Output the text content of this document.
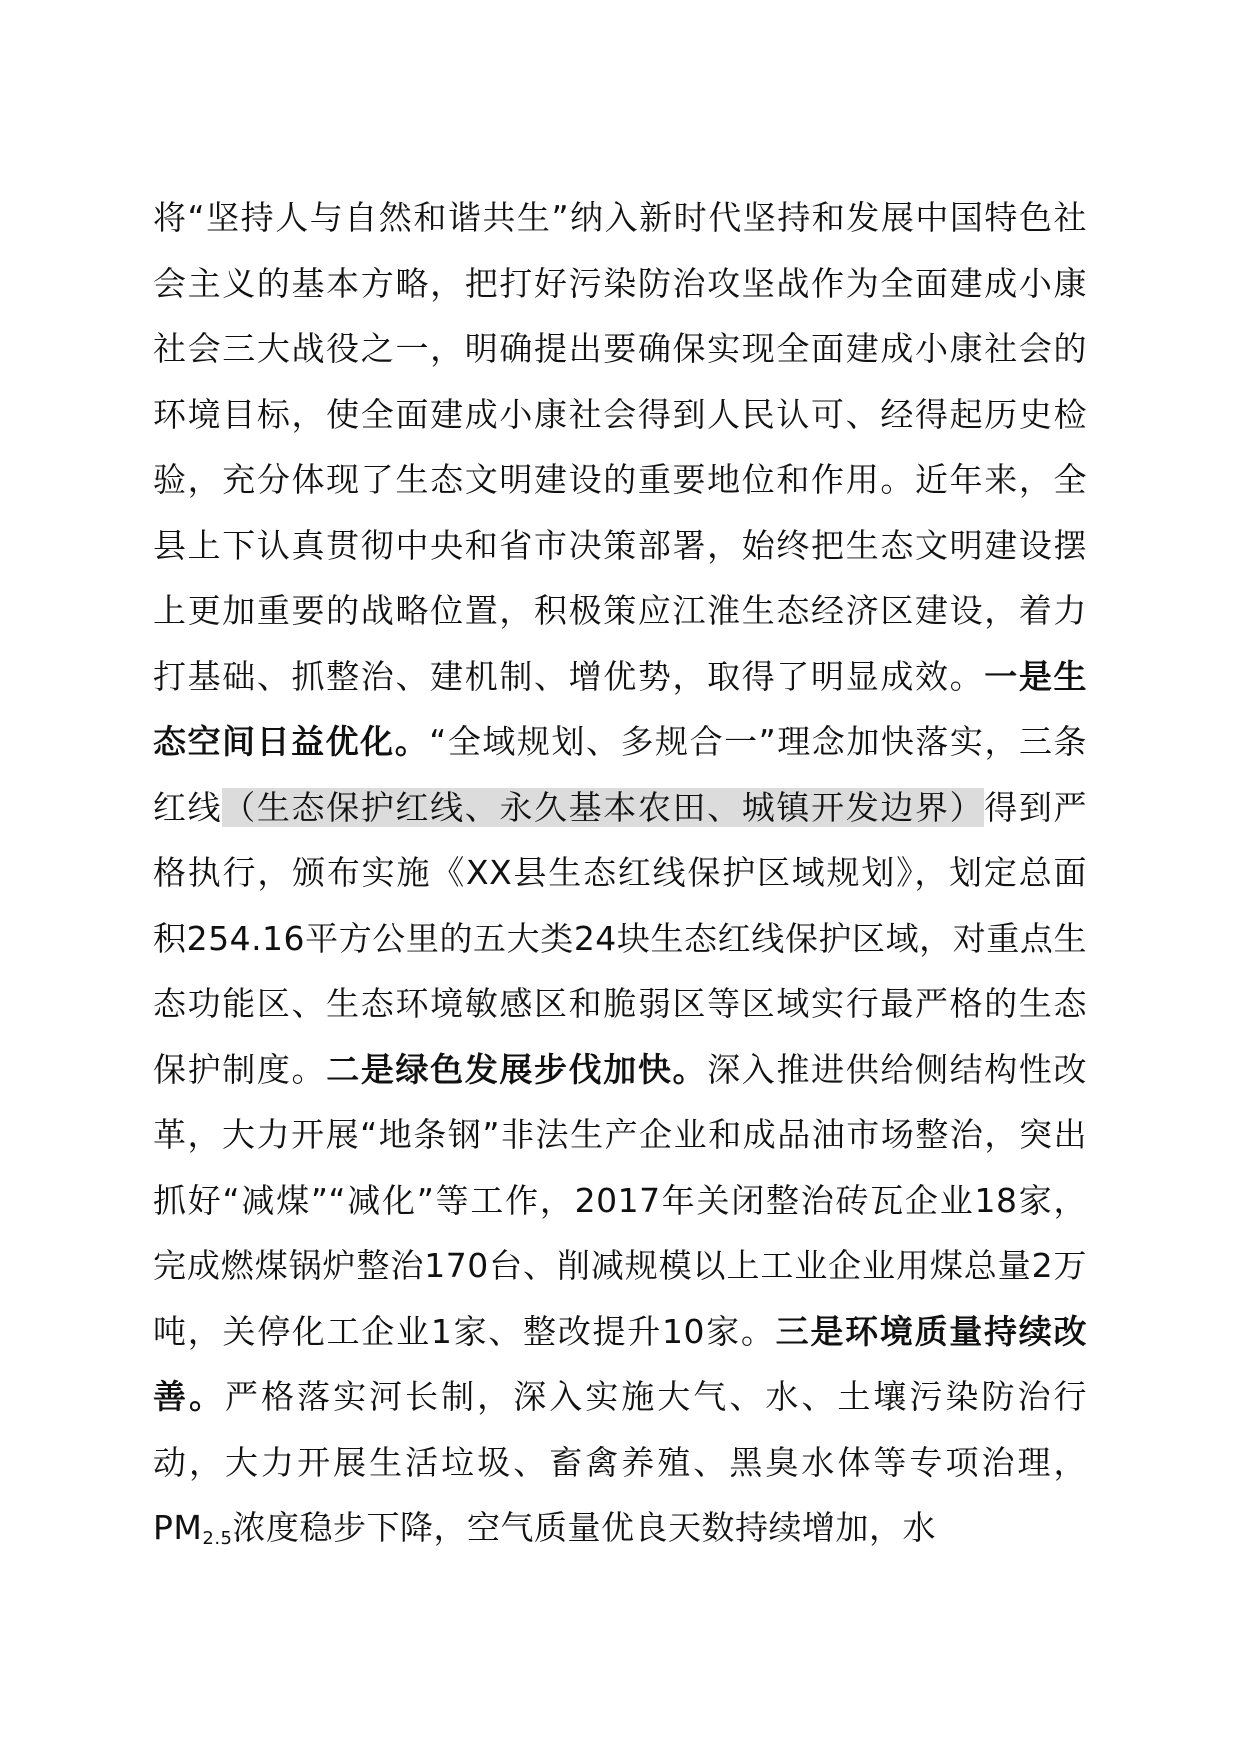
将“坚持人与自然和谐共生”纳入新时代坚持和发展中国特色社会主义的基本方略，把打好污染防治攻坚战作为全面建成小康社会三大战役之一，明确提出要确保实现全面建成小康社会的环境目标，使全面建成小康社会得到人民认可、经得起历史检验，充分体现了生态文明建设的重要地位和作用。近年来，全县上下认真贯彻中央和省市决策部署，始终把生态文明建设摆上更加重要的战略位置，积极策应江淮生态经济区建设，着力打基础、抓整治、建机制、增优势，取得了明显成效。一是生态空间日益优化。“全域规划、多规合一”理念加快落实，三条红线（生态保护红线、永久基本农田、城镇开发边界）得到严格执行，颁布实施《XX县生态红线保护区域规划》，划定总面积254.16平方公里的五大类24块生态红线保护区域，对重点生态功能区、生态环境敏感区和脆弱区等区域实行最严格的生态保护制度。二是绿色发展步伐加快。深入推进供给侧结构性改革，大力开展“地条钢”非法生产企业和成品油市场整治，突出抓好“减煤”“减化”等工作，2017年关闭整治砖瓦企业18家，完成燃煤锅炉整治170台、削减规模以上工业企业用煤总量2万吨，关停化工企业1家、整改提升10家。三是环境质量持续改善。严格落实河长制，深入实施大气、水、土壤污染防治行动，大力开展生活垃圾、畜禽养殖、黑臭水体等专项治理，$PM_{2.5}$浓度稳步下降，空气质量优良天数持续增加，水
